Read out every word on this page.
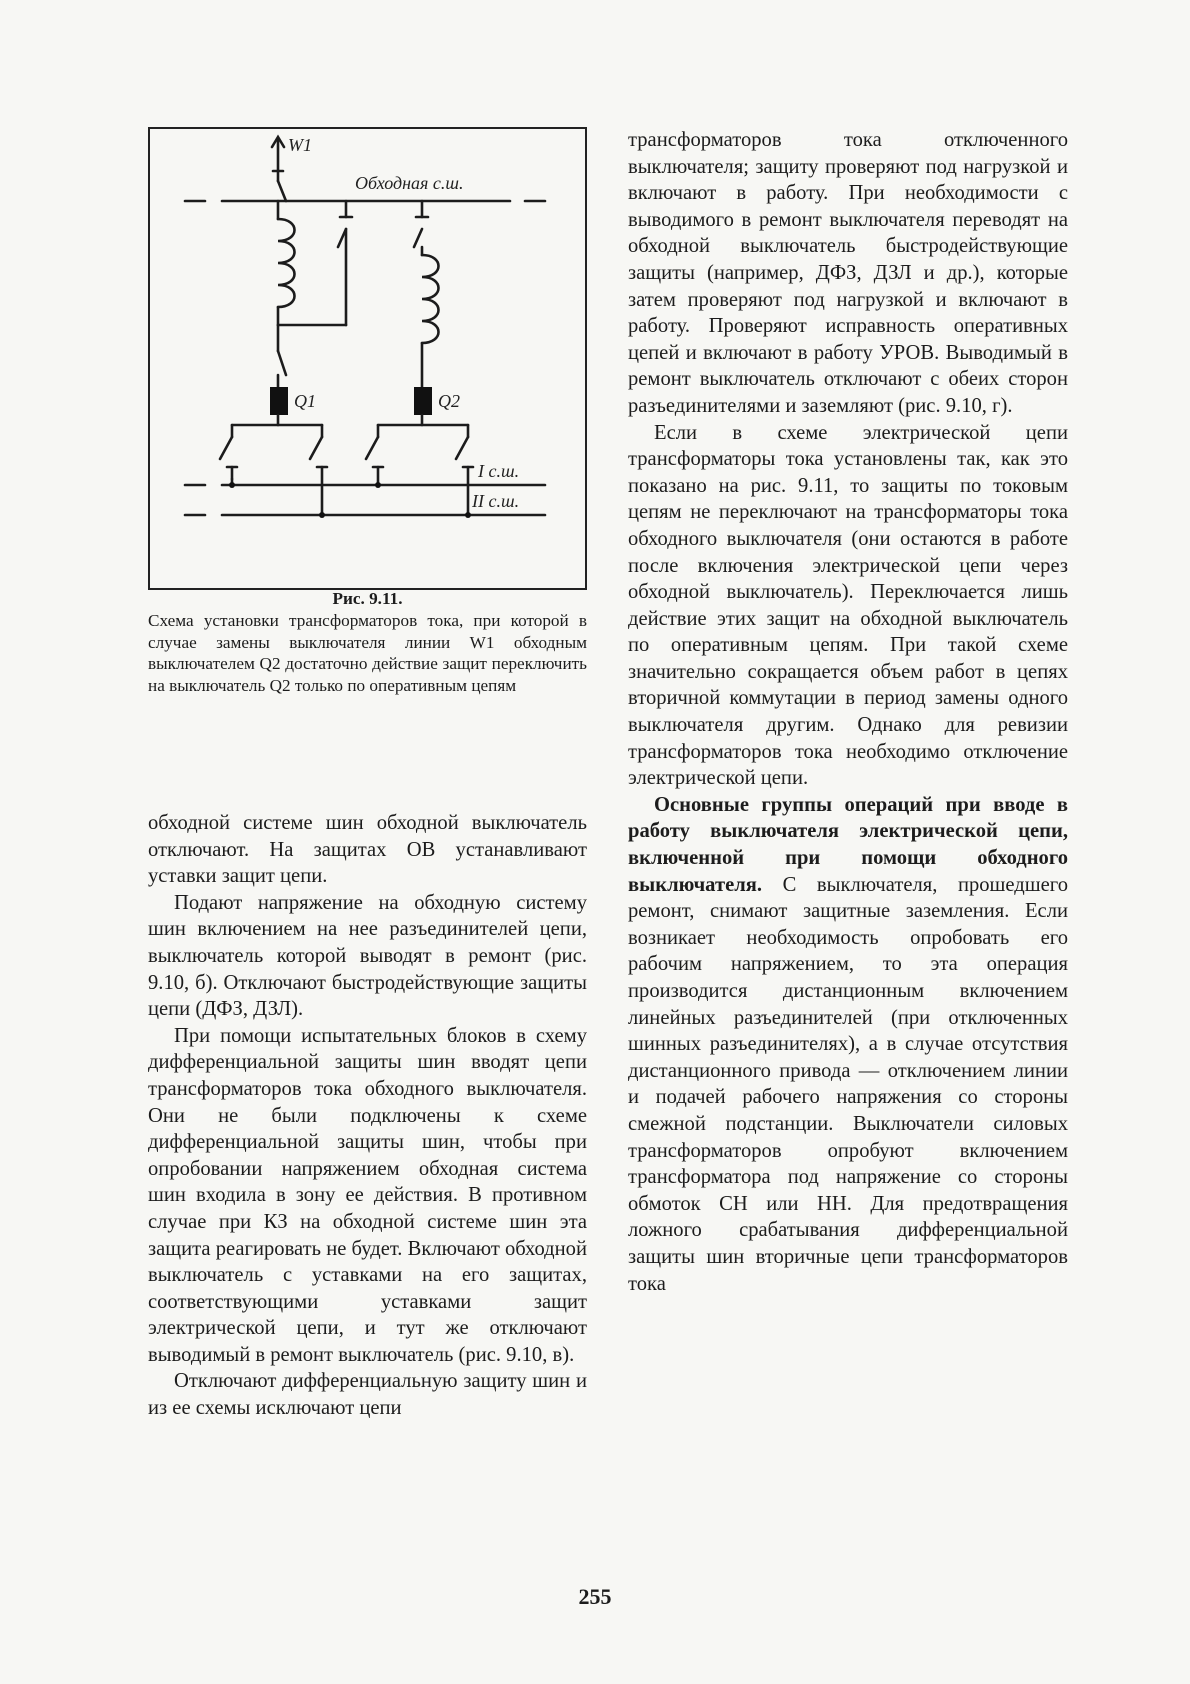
W1
Обходная с.ш.
Q1	Q2
I с.ш.
II с.ш.
Рис. 9.11.
Схема установки трансформаторов тока, при которой в случае замены выключателя линии W1 обходным выключателем Q2 достаточно действие защит переключить на выключатель Q2 только по оперативным цепям

обходной системе шин обходной выключатель отключают. На защитах ОВ устанавливают уставки защит цепи.

Подают напряжение на обходную систему шин включением на нее разъединителей цепи, выключатель которой выводят в ремонт (рис. 9.10, б). Отключают быстродействующие защиты цепи (ДФЗ, ДЗЛ).

При помощи испытательных блоков в схему дифференциальной защиты шин вводят цепи трансформаторов тока обходного выключателя. Они не были подключены к схеме дифференциальной защиты шин, чтобы при опробовании напряжением обходная система шин входила в зону ее действия. В противном случае при КЗ на обходной системе шин эта защита реагировать не будет. Включают обходной выключатель с уставками на его защитах, соответствующими уставками защит электрической цепи, и тут же отключают выводимый в ремонт выключатель (рис. 9.10, в).

Отключают дифференциальную защиту шин и из ее схемы исключают цепи

трансформаторов тока отключенного выключателя; защиту проверяют под нагрузкой и включают в работу. При необходимости с выводимого в ремонт выключателя переводят на обходной выключатель быстродействующие защиты (например, ДФЗ, ДЗЛ и др.), которые затем проверяют под нагрузкой и включают в работу. Проверяют исправность оперативных цепей и включают в работу УРОВ. Выводимый в ремонт выключатель отключают с обеих сторон разъединителями и заземляют (рис. 9.10, г).

Если в схеме электрической цепи трансформаторы тока установлены так, как это показано на рис. 9.11, то защиты по токовым цепям не переключают на трансформаторы тока обходного выключателя (они остаются в работе после включения электрической цепи через обходной выключатель). Переключается лишь действие этих защит на обходной выключатель по оперативным цепям. При такой схеме значительно сокращается объем работ в цепях вторичной коммутации в период замены одного выключателя другим. Однако для ревизии трансформаторов тока необходимо отключение электрической цепи.

Основные группы операций при вводе в работу выключателя электрической цепи, включенной при помощи обходного выключателя. С выключателя, прошедшего ремонт, снимают защитные заземления. Если возникает необходимость опробовать его рабочим напряжением, то эта операция производится дистанционным включением линейных разъединителей (при отключенных шинных разъединителях), а в случае отсутствия дистанционного привода — отключением линии и подачей рабочего напряжения со стороны смежной подстанции. Выключатели силовых трансформаторов опробуют включением трансформатора под напряжение со стороны обмоток СН или НН. Для предотвращения ложного срабатывания дифференциальной защиты шин вторичные цепи трансформаторов тока

255
